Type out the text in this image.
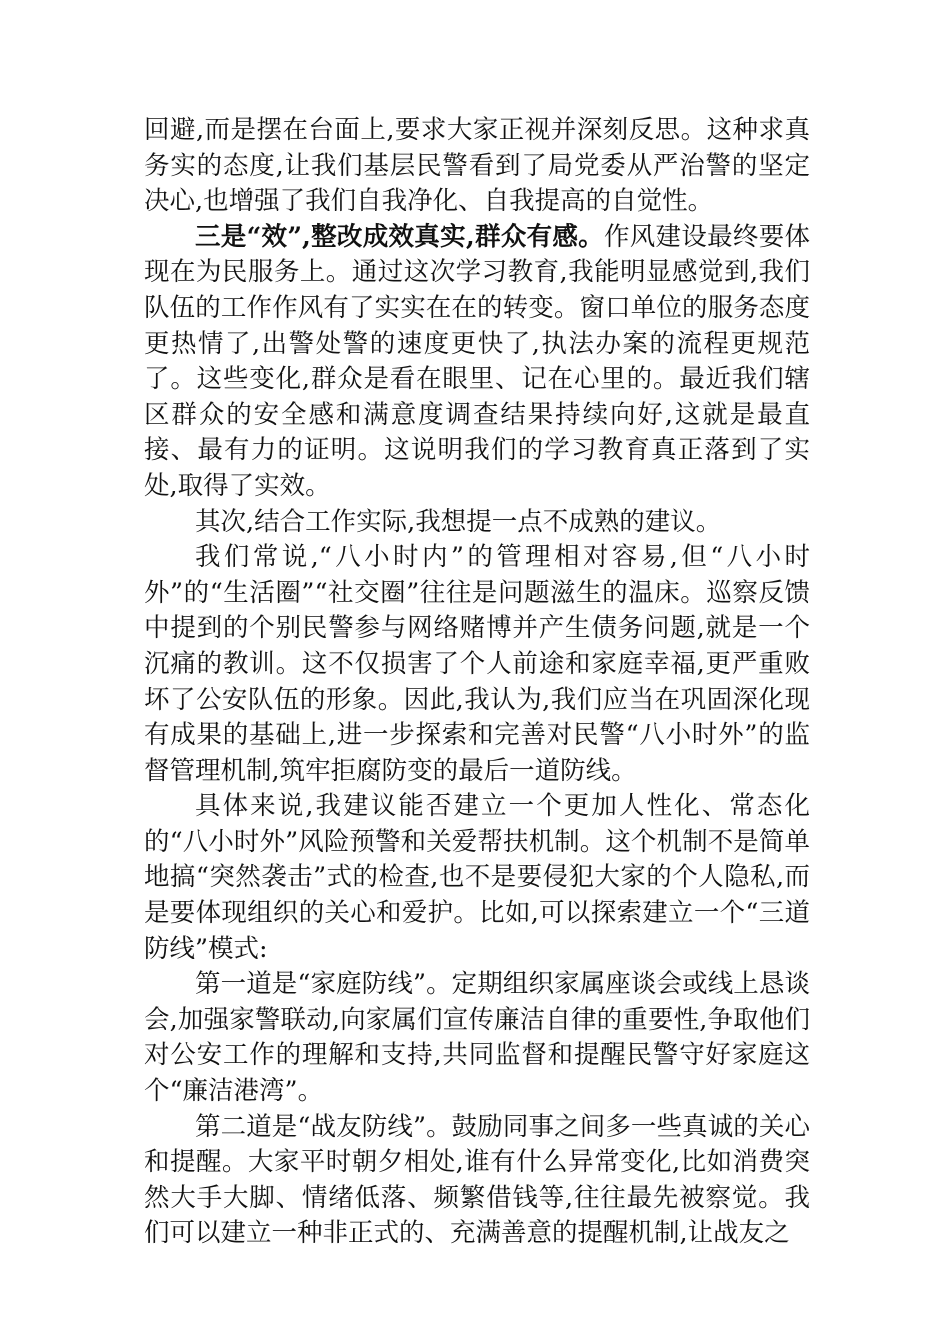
回避,而是摆在台面上,要求大家正视并深刻反思。这种求真务实的态度,让我们基层民警看到了局党委从严治警的坚定决心,也增强了我们自我净化、自我提高的自觉性。

三是“效”,整改成效真实,群众有感。作风建设最终要体现在为民服务上。通过这次学习教育,我能明显感觉到,我们队伍的工作作风有了实实在在的转变。窗口单位的服务态度更热情了,出警处警的速度更快了,执法办案的流程更规范了。这些变化,群众是看在眼里、记在心里的。最近我们辖区群众的安全感和满意度调查结果持续向好,这就是最直接、最有力的证明。这说明我们的学习教育真正落到了实处,取得了实效。

其次,结合工作实际,我想提一点不成熟的建议。

我们常说,“八小时内”的管理相对容易,但“八小时外”的“生活圈”“社交圈”往往是问题滋生的温床。巡察反馈中提到的个别民警参与网络赌博并产生债务问题,就是一个沉痛的教训。这不仅损害了个人前途和家庭幸福,更严重败坏了公安队伍的形象。因此,我认为,我们应当在巩固深化现有成果的基础上,进一步探索和完善对民警“八小时外”的监督管理机制,筑牢拒腐防变的最后一道防线。

具体来说,我建议能否建立一个更加人性化、常态化的“八小时外”风险预警和关爱帮扶机制。这个机制不是简单地搞“突然袭击”式的检查,也不是要侵犯大家的个人隐私,而是要体现组织的关心和爱护。比如,可以探索建立一个“三道防线”模式:

第一道是“家庭防线”。定期组织家属座谈会或线上恳谈会,加强家警联动,向家属们宣传廉洁自律的重要性,争取他们对公安工作的理解和支持,共同监督和提醒民警守好家庭这个“廉洁港湾”。

第二道是“战友防线”。鼓励同事之间多一些真诚的关心和提醒。大家平时朝夕相处,谁有什么异常变化,比如消费突然大手大脚、情绪低落、频繁借钱等,往往最先被察觉。我们可以建立一种非正式的、充满善意的提醒机制,让战友之
